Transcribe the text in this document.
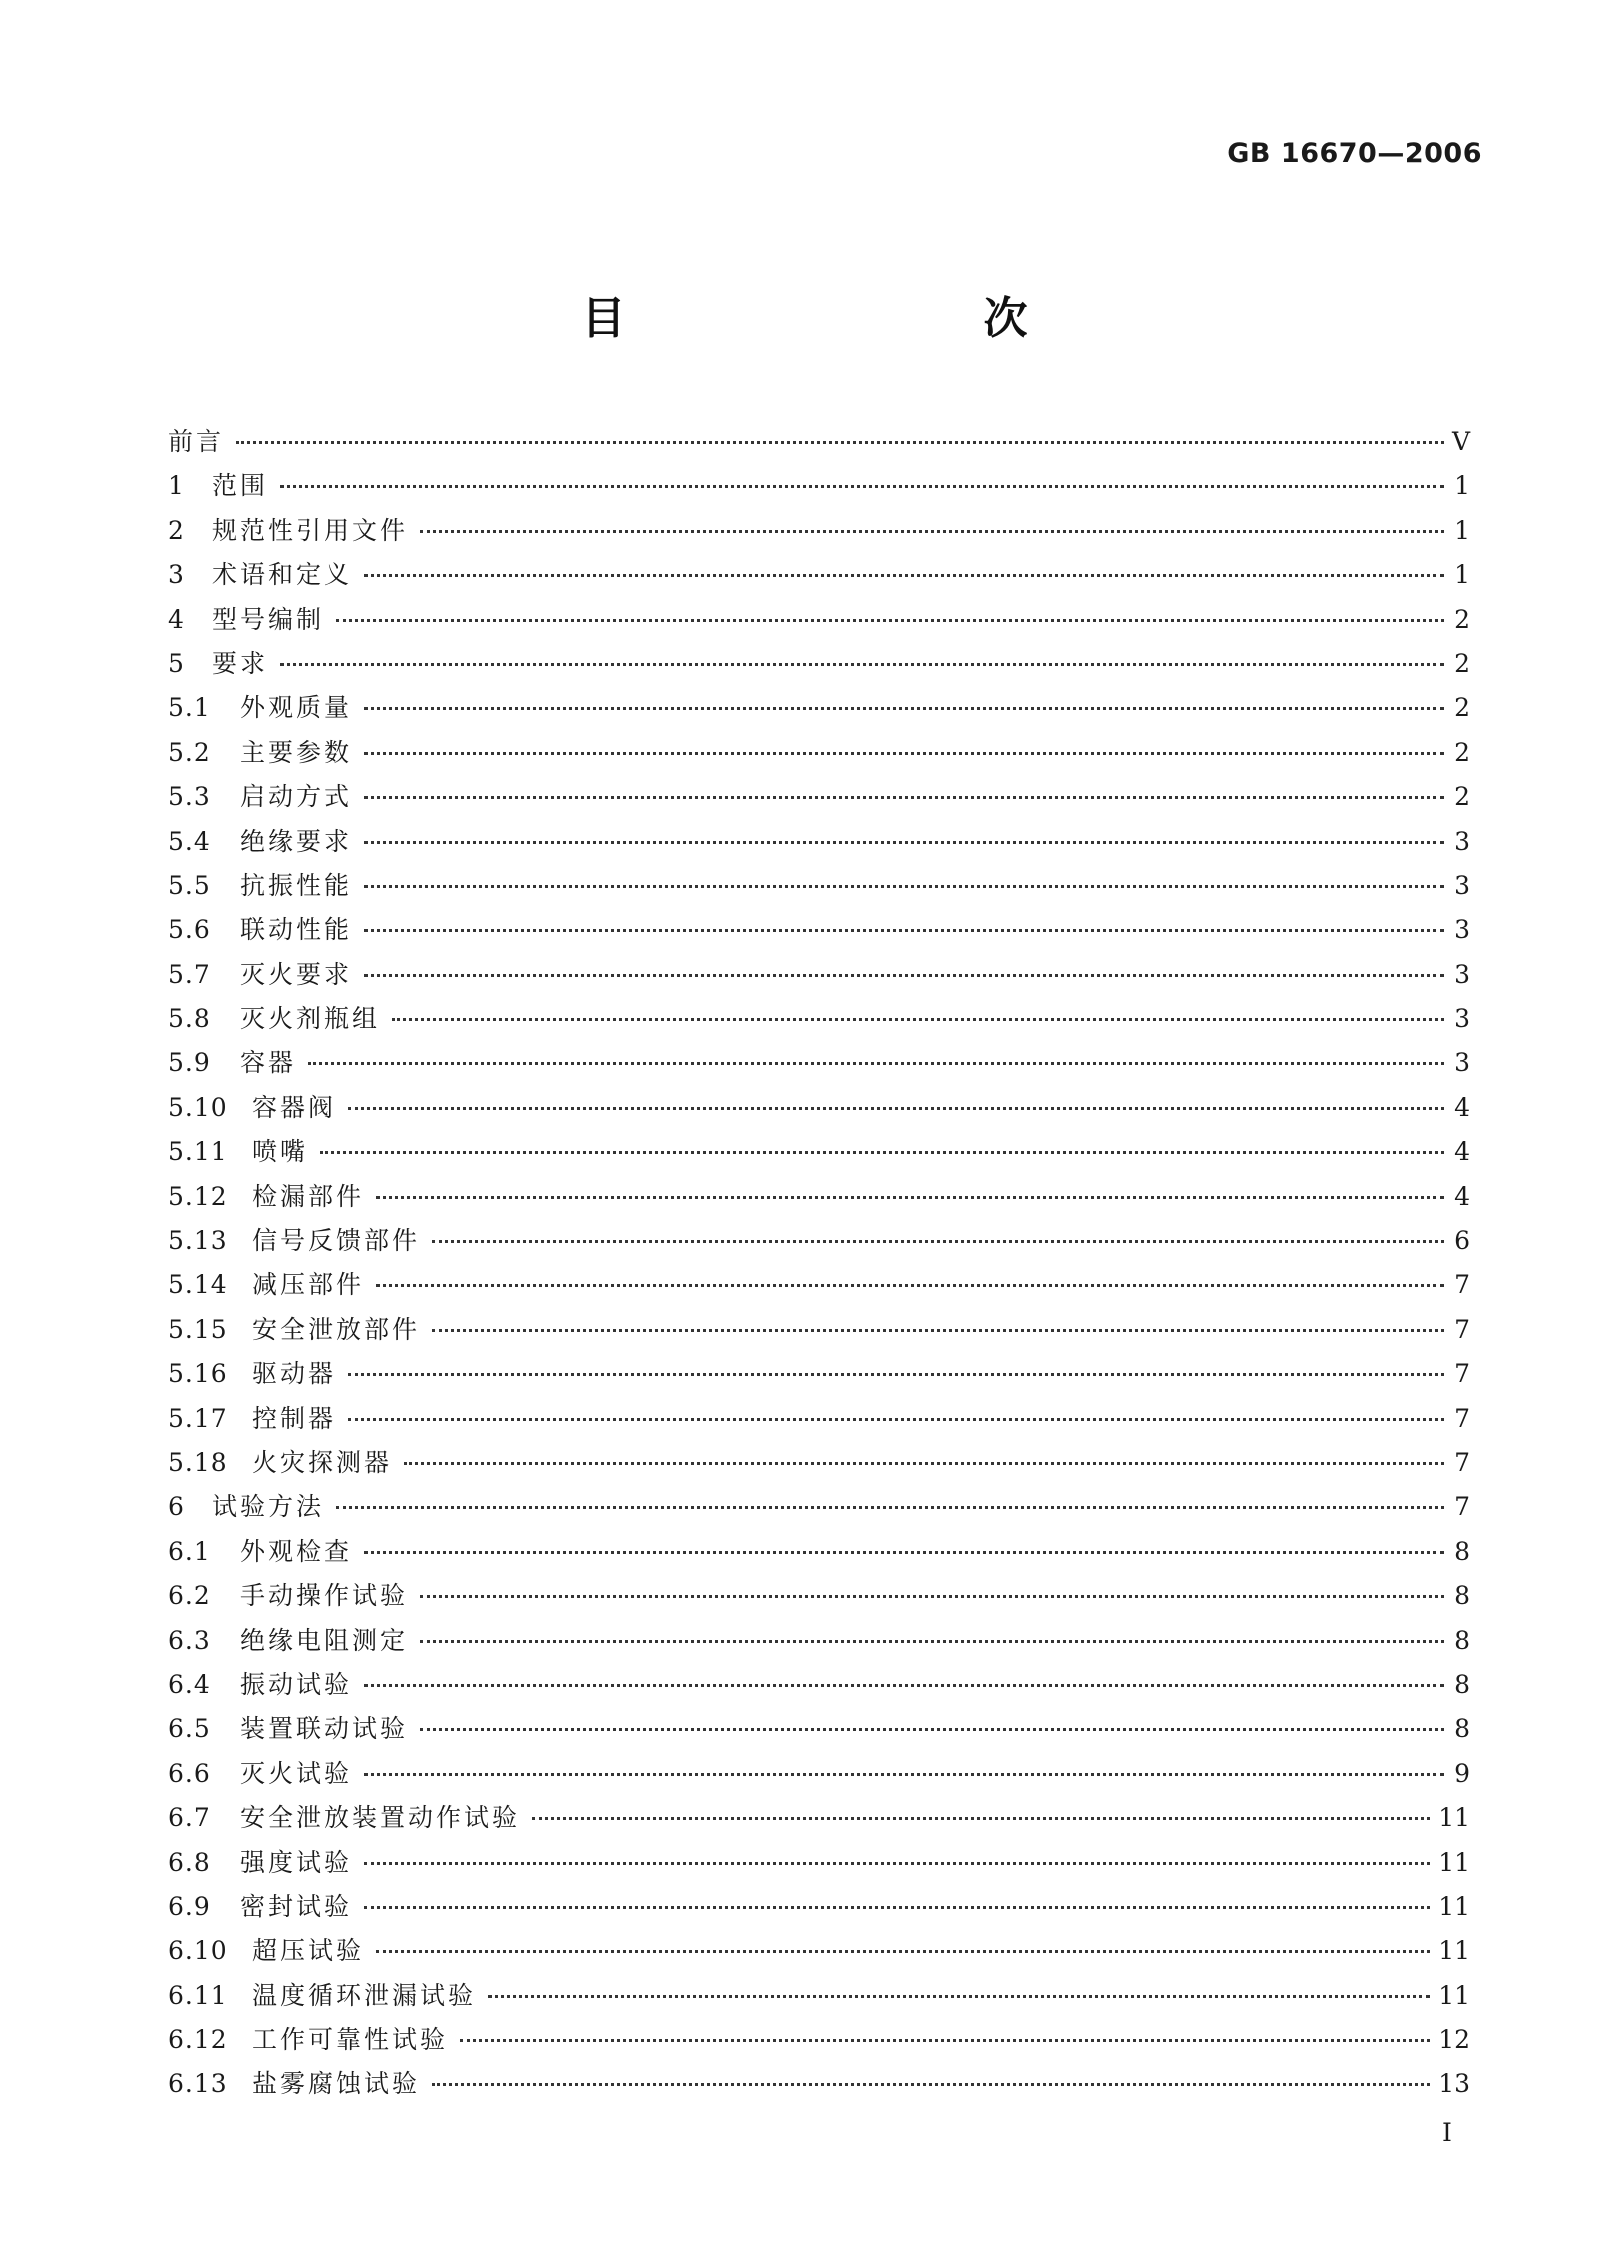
GB 16670—2006
目　　次
前言	V
1	范围	1
2	规范性引用文件	1
3	术语和定义	1
4	型号编制	2
5	要求	2
5.1	外观质量	2
5.2	主要参数	2
5.3	启动方式	2
5.4	绝缘要求	3
5.5	抗振性能	3
5.6	联动性能	3
5.7	灭火要求	3
5.8	灭火剂瓶组	3
5.9	容器	3
5.10 容器阀	4
5.11 喷嘴	4
5.12 检漏部件	4
5.13 信号反馈部件	6
5.14 减压部件	7
5.15 安全泄放部件	7
5.16 驱动器	7
5.17 控制器	7
5.18 火灾探测器	7
6	试验方法	7
6.1	外观检查	8
6.2	手动操作试验	8
6.3	绝缘电阻测定	8
6.4	振动试验	8
6.5	装置联动试验	8
6.6	灭火试验	9
6.7	安全泄放装置动作试验	11
6.8	强度试验	11
6.9	密封试验	11
6.10 超压试验	11
6.11 温度循环泄漏试验	11
6.12 工作可靠性试验	12
6.13 盐雾腐蚀试验	13
I
